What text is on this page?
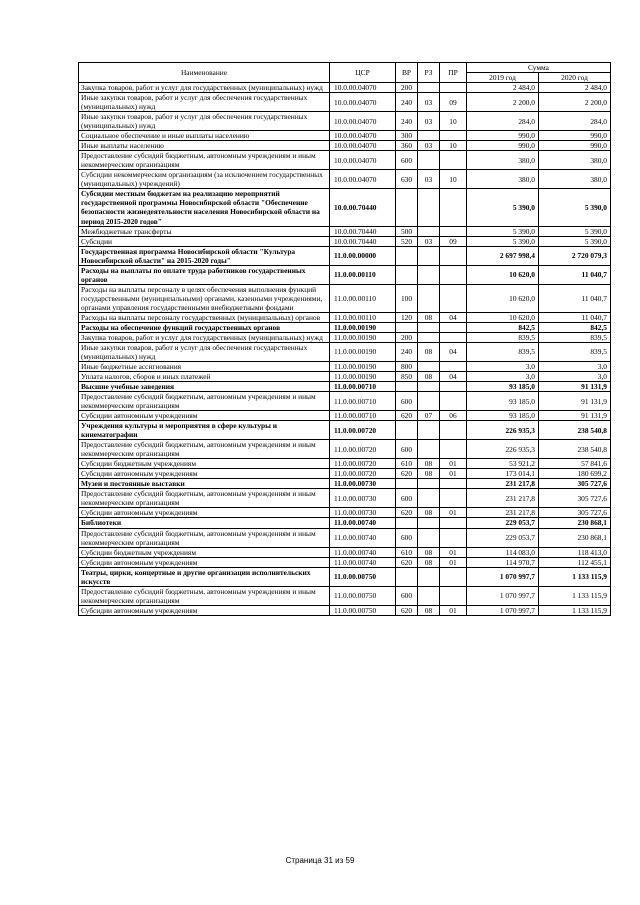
Наименование	ЦСР	ВР	РЗ	ПР	Сумма	
					2019 год	2020 год
Закупка товаров, работ и услуг для государственных (муниципальных) нужд	10.0.00.04070	200			2 484,0	2 484,0
Иные закупки товаров, работ и услуг для обеспечения государственных (муниципальных) нужд	10.0.00.04070	240	03	09	2 200,0	2 200,0
Иные закупки товаров, работ и услуг для обеспечения государственных (муниципальных) нужд	10.0.00.04070	240	03	10	284,0	284,0
Социальное обеспечение и иные выплаты населению	10.0.00.04070	300			990,0	990,0
Иные выплаты населению	10.0.00.04070	360	03	10	990,0	990,0
Предоставление субсидий бюджетным, автономным учреждениям и иным некоммерческим организациям	10.0.00.04070	600			380,0	380,0
Субсидии некоммерческим организациям (за исключением государственных (муниципальных) учреждений)	10.0.00.04070	630	03	10	380,0	380,0
Субсидии местным бюджетам на реализацию мероприятий государственной программы Новосибирской области "Обеспечение безопасности жизнедеятельности населения Новосибирской области на период 2015-2020 годов"	10.0.00.70440				5 390,0	5 390,0
Межбюджетные трансферты	10.0.00.70440	500			5 390,0	5 390,0
Субсидии	10.0.00.70440	520	03	09	5 390,0	5 390,0
Государственная программа Новосибирской области "Культура Новосибирской области" на 2015-2020 годы"	11.0.00.00000				2 697 998,4	2 720 079,3
Расходы на выплаты по оплате труда работников государственных органов	11.0.00.00110				10 620,0	11 040,7
Расходы на выплаты персоналу в целях обеспечения выполнения функций государственными (муниципальными) органами, казенными учреждениями, органами управления государственными внебюджетными фондами	11.0.00.00110	100			10 620,0	11 040,7
Расходы на выплаты персоналу государственных (муниципальных) органов	11.0.00.00110	120	08	04	10 620,0	11 040,7
Расходы на обеспечение функций государственных органов	11.0.00.00190				842,5	842,5
Закупка товаров, работ и услуг для государственных (муниципальных) нужд	11.0.00.00190	200			839,5	839,5
Иные закупки товаров, работ и услуг для обеспечения государственных (муниципальных) нужд	11.0.00.00190	240	08	04	839,5	839,5
Иные бюджетные ассигнования	11.0.00.00190	800			3,0	3,0
Уплата налогов, сборов и иных платежей	11.0.00.00190	850	08	04	3,0	3,0
Высшие учебные заведения	11.0.00.00710				93 185,0	91 131,9
Предоставление субсидий бюджетным, автономным учреждениям и иным некоммерческим организациям	11.0.00.00710	600			93 185,0	91 131,9
Субсидии автономным учреждениям	11.0.00.00710	620	07	06	93 185,0	91 131,9
Учреждения культуры и мероприятия в сфере культуры и кинематографии	11.0.00.00720				226 935,3	238 540,8
Предоставление субсидий бюджетным, автономным учреждениям и иным некоммерческим организациям	11.0.00.00720	600			226 935,3	238 540,8
Субсидии бюджетным учреждениям	11.0.00.00720	610	08	01	53 921,2	57 841,6
Субсидии автономным учреждениям	11.0.00.00720	620	08	01	173 014,1	180 699,2
Музеи и постоянные выставки	11.0.00.00730				231 217,8	305 727,6
Предоставление субсидий бюджетным, автономным учреждениям и иным некоммерческим организациям	11.0.00.00730	600			231 217,8	305 727,6
Субсидии автономным учреждениям	11.0.00.00730	620	08	01	231 217,8	305 727,6
Библиотеки	11.0.00.00740				229 053,7	230 868,1
Предоставление субсидий бюджетным, автономным учреждениям и иным некоммерческим организациям	11.0.00.00740	600			229 053,7	230 868,1
Субсидии бюджетным учреждениям	11.0.00.00740	610	08	01	114 083,0	118 413,0
Субсидии автономным учреждениям	11.0.00.00740	620	08	01	114 970,7	112 455,1
Театры, цирки, концертные и другие организации исполнительских искусств	11.0.00.00750				1 070 997,7	1 133 115,9
Предоставление субсидий бюджетным, автономным учреждениям и иным некоммерческим организациям	11.0.00.00750	600			1 070 997,7	1 133 115,9
Субсидии автономным учреждениям	11.0.00.00750	620	08	01	1 070 997,7	1 133 115,9
Страница 31 из 59
